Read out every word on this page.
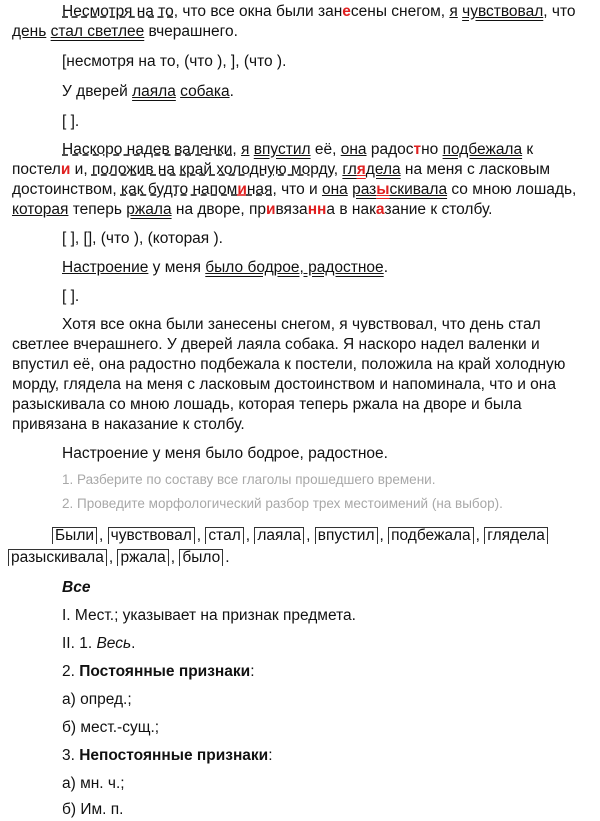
Несмотря на то, что все окна были занесены снегом, я чувствовал, что
день стал светлее вчерашнего.
[несмотря на то, (что ), ], (что ).
У дверей лаяла собака.
[ ].
Наскоро надев валенки, я впустил её, она радостно подбежала к
постели и, положив на край холодную морду, глядела на меня с ласковым
достоинством, как будто напоминая, что и она разыскивала со мною лошадь,
которая теперь ржала на дворе, привязанна в наказание к столбу.
[ ], [], (что ), (которая ).
Настроение у меня было бодрое, радостное.
[ ].
Хотя все окна были занесены снегом, я чувствовал, что день стал
светлее вчерашнего. У дверей лаяла собака. Я наскоро надел валенки и
впустил её, она радостно подбежала к постели, положила на край холодную
морду, глядела на меня с ласковым достоинством и напоминала, что и она
разыскивала со мною лошадь, которая теперь ржала на дворе и была
привязана в наказание к столбу.
Настроение у меня было бодрое, радостное.
1. Разберите по составу все глаголы прошедшего времени.
2. Проведите морфологический разбор трех местоимений (на выбор).
Были , чувствовал , стал , лаяла , впустил , подбежала , глядела
разыскивала , ржала , было .
Все
I. Мест.; указывает на признак предмета.
II. 1. Весь.
2. Постоянные признаки:
а) опред.;
б) мест.-сущ.;
3. Непостоянные признаки:
а) мн. ч.;
б) Им. п.
